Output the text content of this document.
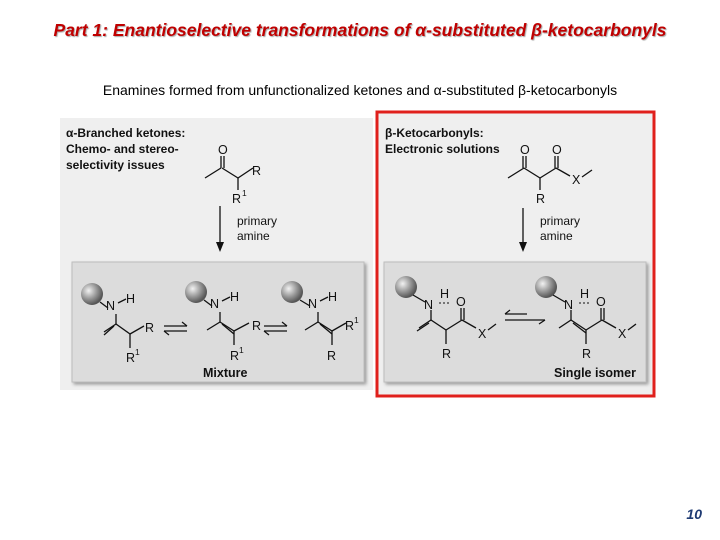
Part 1: Enantioselective transformations of α-substituted β-ketocarbonyls
Enamines formed from unfunctionalized ketones and α-substituted β-ketocarbonyls
α-Branched ketones:
Chemo- and stereo-
selectivity issues
O
R
R 1
primary
amine
N H
R
R 1
N H
R
R 1
N H
R 1
R
Mixture
β-Ketocarbonyls:
Electronic solutions O O
X
R
primary
amine
N
H
O
X
R
N
H
O
X
R
Single isomer
10
